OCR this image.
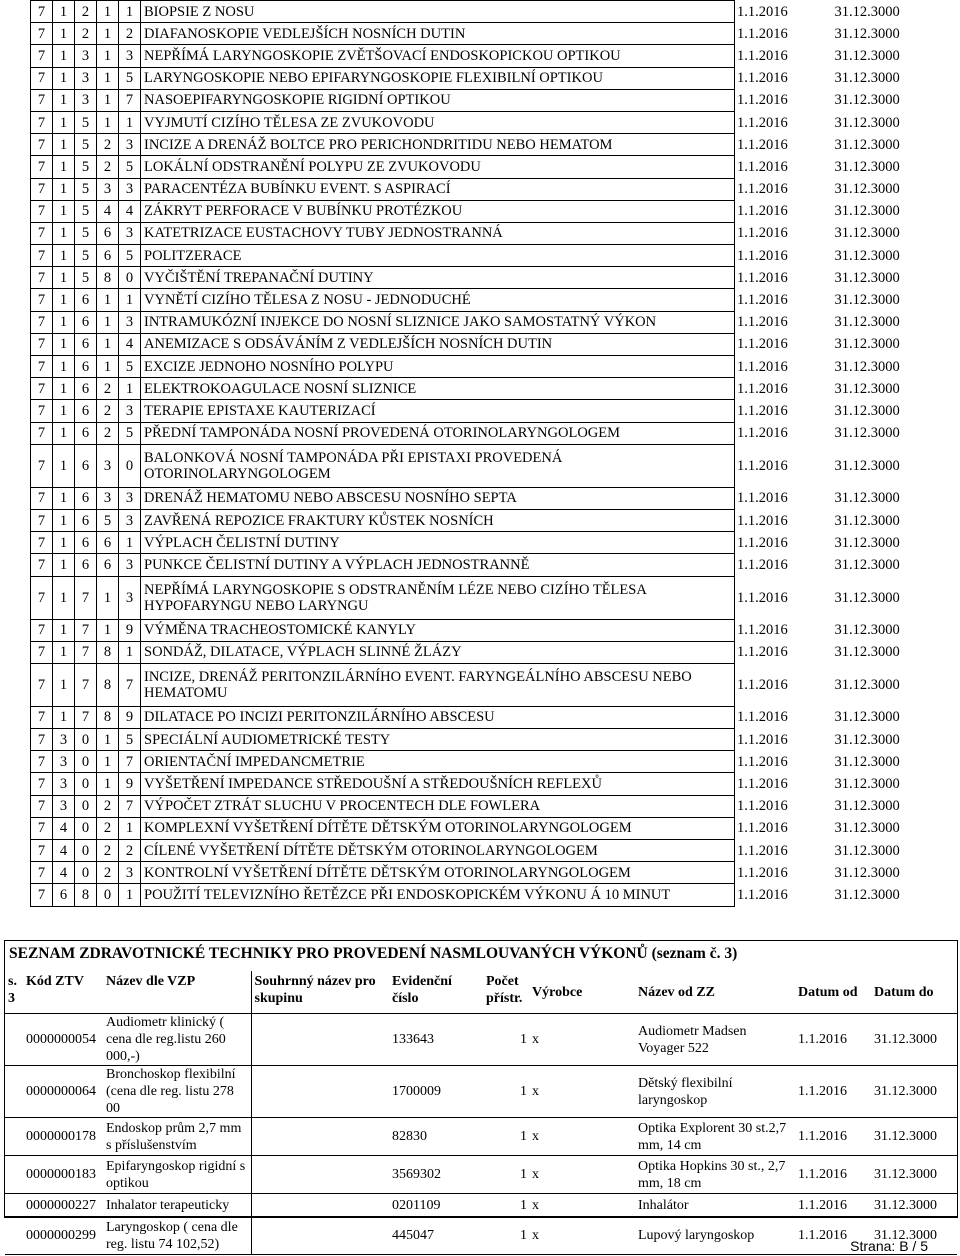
7	1	2	1	1	BIOPSIE Z NOSU	1.1.2016	31.12.3000
7	1	2	1	2	DIAFANOSKOPIE VEDLEJŠÍCH NOSNÍCH DUTIN	1.1.2016	31.12.3000
7	1	3	1	3	NEPŘÍMÁ LARYNGOSKOPIE ZVĚTŠOVACÍ ENDOSKOPICKOU OPTIKOU	1.1.2016	31.12.3000
7	1	3	1	5	LARYNGOSKOPIE NEBO EPIFARYNGOSKOPIE FLEXIBILNÍ OPTIKOU	1.1.2016	31.12.3000
7	1	3	1	7	NASOEPIFARYNGOSKOPIE RIGIDNÍ OPTIKOU	1.1.2016	31.12.3000
7	1	5	1	1	VYJMUTÍ CIZÍHO TĚLESA ZE ZVUKOVODU	1.1.2016	31.12.3000
7	1	5	2	3	INCIZE A DRENÁŽ BOLTCE PRO PERICHONDRITIDU NEBO HEMATOM	1.1.2016	31.12.3000
7	1	5	2	5	LOKÁLNÍ ODSTRANĚNÍ POLYPU ZE ZVUKOVODU	1.1.2016	31.12.3000
7	1	5	3	3	PARACENTÉZA BUBÍNKU EVENT. S ASPIRACÍ	1.1.2016	31.12.3000
7	1	5	4	4	ZÁKRYT PERFORACE V BUBÍNKU PROTÉZKOU	1.1.2016	31.12.3000
7	1	5	6	3	KATETRIZACE EUSTACHOVY TUBY JEDNOSTRANNÁ	1.1.2016	31.12.3000
7	1	5	6	5	POLITZERACE	1.1.2016	31.12.3000
7	1	5	8	0	VYČIŠTĚNÍ TREPANAČNÍ DUTINY	1.1.2016	31.12.3000
7	1	6	1	1	VYNĚTÍ CIZÍHO TĚLESA Z NOSU - JEDNODUCHÉ	1.1.2016	31.12.3000
7	1	6	1	3	INTRAMUKÓZNÍ INJEKCE DO NOSNÍ SLIZNICE JAKO SAMOSTATNÝ VÝKON	1.1.2016	31.12.3000
7	1	6	1	4	ANEMIZACE S ODSÁVÁNÍM Z VEDLEJŠÍCH NOSNÍCH DUTIN	1.1.2016	31.12.3000
7	1	6	1	5	EXCIZE JEDNOHO NOSNÍHO POLYPU	1.1.2016	31.12.3000
7	1	6	2	1	ELEKTROKOAGULACE NOSNÍ SLIZNICE	1.1.2016	31.12.3000
7	1	6	2	3	TERAPIE EPISTAXE KAUTERIZACÍ	1.1.2016	31.12.3000
7	1	6	2	5	PŘEDNÍ TAMPONÁDA NOSNÍ PROVEDENÁ OTORINOLARYNGOLOGEM	1.1.2016	31.12.3000
7	1	6	3	0	BALONKOVÁ NOSNÍ TAMPONÁDA PŘI EPISTAXI PROVEDENÁ OTORINOLARYNGOLOGEM	1.1.2016	31.12.3000
7	1	6	3	3	DRENÁŽ HEMATOMU NEBO ABSCESU NOSNÍHO SEPTA	1.1.2016	31.12.3000
7	1	6	5	3	ZAVŘENÁ REPOZICE FRAKTURY KŮSTEK NOSNÍCH	1.1.2016	31.12.3000
7	1	6	6	1	VÝPLACH ČELISTNÍ DUTINY	1.1.2016	31.12.3000
7	1	6	6	3	PUNKCE ČELISTNÍ DUTINY A VÝPLACH JEDNOSTRANNĚ	1.1.2016	31.12.3000
7	1	7	1	3	NEPŘÍMÁ LARYNGOSKOPIE S ODSTRANĚNÍM LÉZE NEBO CIZÍHO TĚLESA HYPOFARYNGU NEBO LARYNGU	1.1.2016	31.12.3000
7	1	7	1	9	VÝMĚNA TRACHEOSTOMICKÉ KANYLY	1.1.2016	31.12.3000
7	1	7	8	1	SONDÁŽ, DILATACE, VÝPLACH SLINNÉ ŽLÁZY	1.1.2016	31.12.3000
7	1	7	8	7	INCIZE, DRENÁŽ PERITONZILÁRNÍHO EVENT. FARYNGEÁLNÍHO ABSCESU NEBO HEMATOMU	1.1.2016	31.12.3000
7	1	7	8	9	DILATACE PO INCIZI PERITONZILÁRNÍHO ABSCESU	1.1.2016	31.12.3000
7	3	0	1	5	SPECIÁLNÍ AUDIOMETRICKÉ TESTY	1.1.2016	31.12.3000
7	3	0	1	7	ORIENTAČNÍ IMPEDANCMETRIE	1.1.2016	31.12.3000
7	3	0	1	9	VYŠETŘENÍ IMPEDANCE STŘEDOUŠNÍ A STŘEDOUŠNÍCH REFLEXŮ	1.1.2016	31.12.3000
7	3	0	2	7	VÝPOČET ZTRÁT SLUCHU V PROCENTECH DLE FOWLERA	1.1.2016	31.12.3000
7	4	0	2	1	KOMPLEXNÍ VYŠETŘENÍ DÍTĚTE DĚTSKÝM OTORINOLARYNGOLOGEM	1.1.2016	31.12.3000
7	4	0	2	2	CÍLENÉ VYŠETŘENÍ DÍTĚTE DĚTSKÝM OTORINOLARYNGOLOGEM	1.1.2016	31.12.3000
7	4	0	2	3	KONTROLNÍ VYŠETŘENÍ DÍTĚTE DĚTSKÝM OTORINOLARYNGOLOGEM	1.1.2016	31.12.3000
7	6	8	0	1	POUŽITÍ TELEVIZNÍHO ŘETĚZCE PŘI ENDOSKOPICKÉM VÝKONU Á 10 MINUT	1.1.2016	31.12.3000
SEZNAM ZDRAVOTNICKÉ TECHNIKY PRO PROVEDENÍ NASMLOUVANÝCH VÝKONŮ (seznam č. 3)
s. 3	Kód ZTV	Název dle VZP	Souhrnný název pro skupinu	Evidenční číslo	Počet přístr.	Výrobce	Název od ZZ	Datum od	Datum do
	0000000054	Audiometr klinický ( cena dle reg.listu 260 000,-)		133643	1	x	Audiometr Madsen Voyager 522	1.1.2016	31.12.3000
	0000000064	Bronchoskop flexibilní (cena dle reg. listu 278 00		1700009	1	x	Dětský flexibilní laryngoskop	1.1.2016	31.12.3000
	0000000178	Endoskop prům 2,7 mm s příslušenstvím		82830	1	x	Optika Explorent 30 st.2,7 mm, 14 cm	1.1.2016	31.12.3000
	0000000183	Epifaryngoskop rigidní s optikou		3569302	1	x	Optika Hopkins 30 st., 2,7 mm, 18 cm	1.1.2016	31.12.3000
	0000000227	Inhalator terapeuticky		0201109	1	x	Inhalátor	1.1.2016	31.12.3000
	0000000299	Laryngoskop ( cena dle reg. listu 74 102,52)		445047	1	x	Lupový laryngoskop	1.1.2016	31.12.3000
Strana: B / 5
